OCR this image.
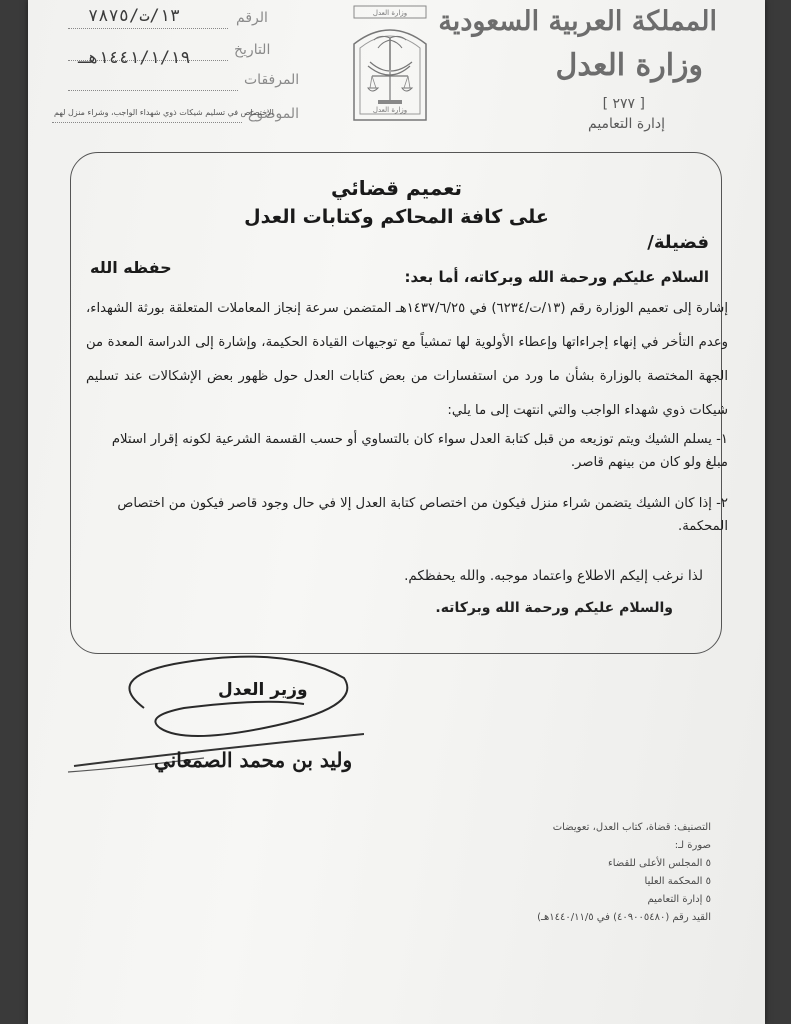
المملكة العربية السعودية
وزارة العدل
[ ٢٧٧ ]
إدارة التعاميم
وزارة العدل
وزارة العدل
الرقم
التاريخ
المرفقات
الموضوع
١٣/ت/٧٨٧٥
١٤٤١/١/١٩هـ
الاختصاص في تسليم شيكات ذوي شهداء الواجب، وشراء منزل لهم
تعميم قضائي
على كافة المحاكم وكتابات العدل
فضيلة/
حفظه الله	السلام عليكم ورحمة الله وبركاته، أما بعد:

إشارة إلى تعميم الوزارة رقم (١٣/ت/٦٢٣٤) في ١٤٣٧/٦/٢٥هـ المتضمن سرعة إنجاز المعاملات المتعلقة بورثة الشهداء، وعدم التأخر في إنهاء إجراءاتها وإعطاء الأولوية لها تمشياً مع توجيهات القيادة الحكيمة، وإشارة إلى الدراسة المعدة من الجهة المختصة بالوزارة بشأن ما ورد من استفسارات من بعض كتابات العدل حول ظهور بعض الإشكالات عند تسليم شيكات ذوي شهداء الواجب والتي انتهت إلى ما يلي:

١- يسلم الشيك ويتم توزيعه من قبل كتابة العدل سواء كان بالتساوي أو حسب القسمة الشرعية لكونه إقرار استلام مبلغ ولو كان من بينهم قاصر.
٢- إذا كان الشيك يتضمن شراء منزل فيكون من اختصاص كتابة العدل إلا في حال وجود قاصر فيكون من اختصاص المحكمة.
لذا نرغب إليكم الاطلاع واعتماد موجبه. والله يحفظكم.
والسلام عليكم ورحمة الله وبركاته.
وزير العدل
وليد بن محمد الصمعاني
التصنيف: قضاة، كتاب العدل، تعويضات
صورة لـ:
٥ المجلس الأعلى للقضاء
٥ المحكمة العليا
٥ إدارة التعاميم
القيد رقم (٤٠٩٠٠٥٤٨٠) في ١٤٤٠/١١/٥هـ)
